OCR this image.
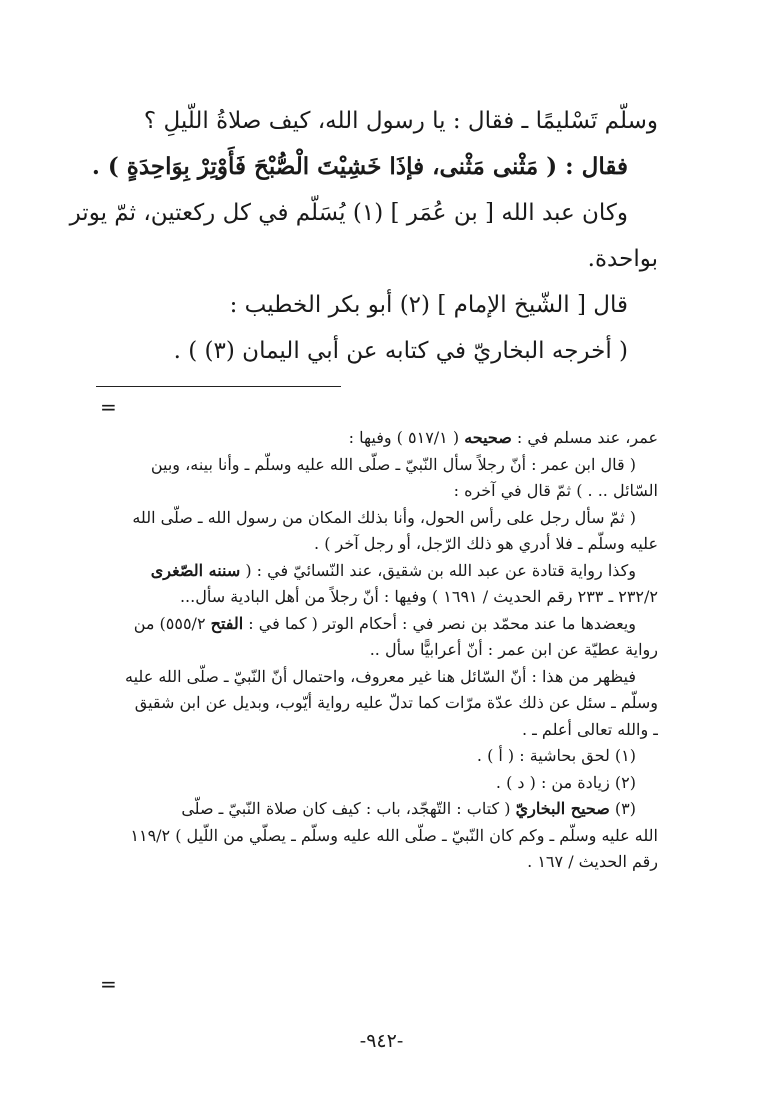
وسلّم تَسْليمًا ـ فقال : يا رسول الله، كيف صلاةُ اللّيلِ ؟

فقال : ( مَثْنى مَثْنى، فإذَا خَشِيْتَ الْصُّبْحَ فَأَوْتِرْ بِوَاحِدَةٍ ) .

وكان عبد الله [ بن عُمَر ] (١) يُسَلّم في كل ركعتين، ثمّ يوتر

بواحدة.

قال [ الشّيخ الإمام ] (٢) أبو بكر الخطيب :

( أخرجه البخاريّ في كتابه عن أبي اليمان (٣) ) .

=

عمر، عند مسلم في : صحيحه ( ٥١٧/١ ) وفيها :

( قال ابن عمر : أنّ رجلاً سأل النّبيّ ـ صلّى الله عليه وسلّم ـ وأنا بينه، وبين

السّائل .. . ) ثمّ قال في آخره :

( ثمّ سأل رجل على رأس الحول، وأنا بذلك المكان من رسول الله ـ صلّى الله

عليه وسلّم ـ فلا أدري هو ذلك الرّجل، أو رجل آخر ) .

وكذا رواية قتادة عن عبد الله بن شقيق، عند النّسائيّ في : ( سننه الصّغرى

٢٣٢/٢ ـ ٢٣٣ رقم الحديث / ١٦٩١ ) وفيها : أنّ رجلاً من أهل البادية سأل...

ويعضدها ما عند محمّد بن نصر في : أحكام الوتر ( كما في : الفتح ٥٥٥/٢) من

رواية عطيّة عن ابن عمر : أنّ أعرابيًّا سأل ..

فيظهر من هذا : أنّ السّائل هنا غير معروف، واحتمال أنّ النّبيّ ـ صلّى الله عليه

وسلّم ـ سئل عن ذلك عدّة مرّات كما تدلّ عليه رواية أيّوب، وبديل عن ابن شقيق

ـ والله تعالى أعلم ـ .

(١) لحق بحاشية : ( أ ) .

(٢) زيادة من : ( د ) .

(٣) صحيح البخاريّ ( كتاب : التّهجّد، باب : كيف كان صلاة النّبيّ ـ صلّى

الله عليه وسلّم ـ وكم كان النّبيّ ـ صلّى الله عليه وسلّم ـ يصلّي من اللّيل ) ١١٩/٢

رقم الحديث / ١٦٧ .

=
-٩٤٢-
